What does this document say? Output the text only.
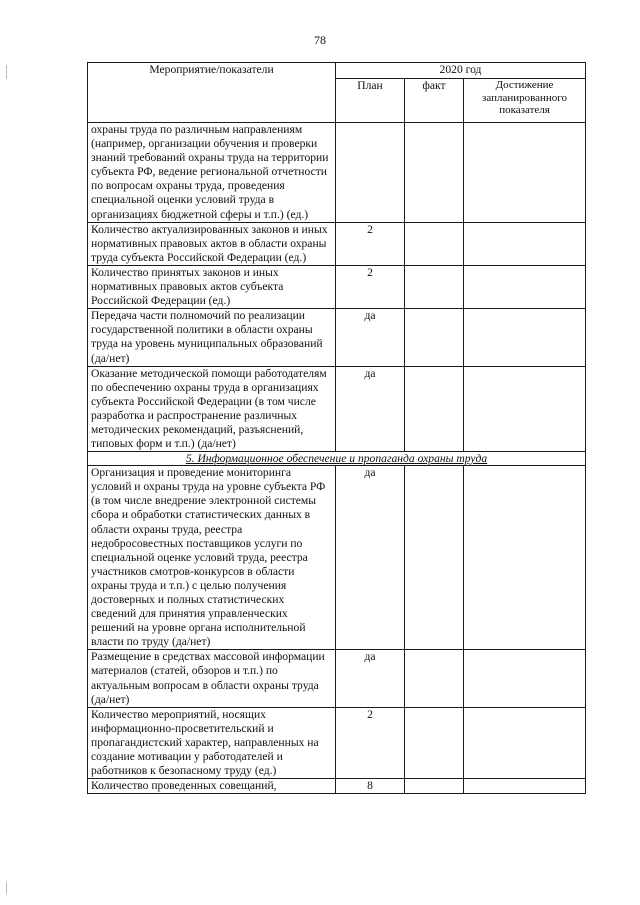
78
Мероприятие/показатели	2020 год		
	План	факт	Достижение запланированного показателя
охраны труда по различным направлениям (например, организации обучения и проверки знаний требований охраны труда на территории субъекта РФ, ведение региональной отчетности по вопросам охраны труда, проведения специальной оценки условий труда в организациях бюджетной сферы и т.п.) (ед.)			
Количество актуализированных законов и иных нормативных правовых актов в области охраны труда субъекта Российской Федерации (ед.)	2		
Количество принятых законов и иных нормативных правовых актов субъекта Российской Федерации (ед.)	2		
Передача части полномочий по реализации государственной политики в области охраны труда на уровень муниципальных образований (да/нет)	да		
Оказание методической помощи работодателям по обеспечению охраны труда в организациях субъекта Российской Федерации (в том числе разработка и распространение различных методических рекомендаций, разъяснений, типовых форм и т.п.) (да/нет)	да		
5. Информационное обеспечение и пропаганда охраны труда			
Организация и проведение мониторинга условий и охраны труда на уровне субъекта РФ (в том числе внедрение электронной системы сбора и обработки статистических данных в области охраны труда, реестра недобросовестных поставщиков услуги по специальной оценке условий труда, реестра участников смотров-конкурсов в области охраны труда и т.п.) с целью получения достоверных и полных статистических сведений для принятия управленческих решений на уровне органа исполнительной власти по труду (да/нет)	да		
Размещение в средствах массовой информации материалов (статей, обзоров и т.п.) по актуальным вопросам в области охраны труда (да/нет)	да		
Количество мероприятий, носящих информационно-просветительский и пропагандистский характер, направленных на создание мотивации у работодателей и работников к безопасному труду (ед.)	2		
Количество проведенных совещаний,	8		
